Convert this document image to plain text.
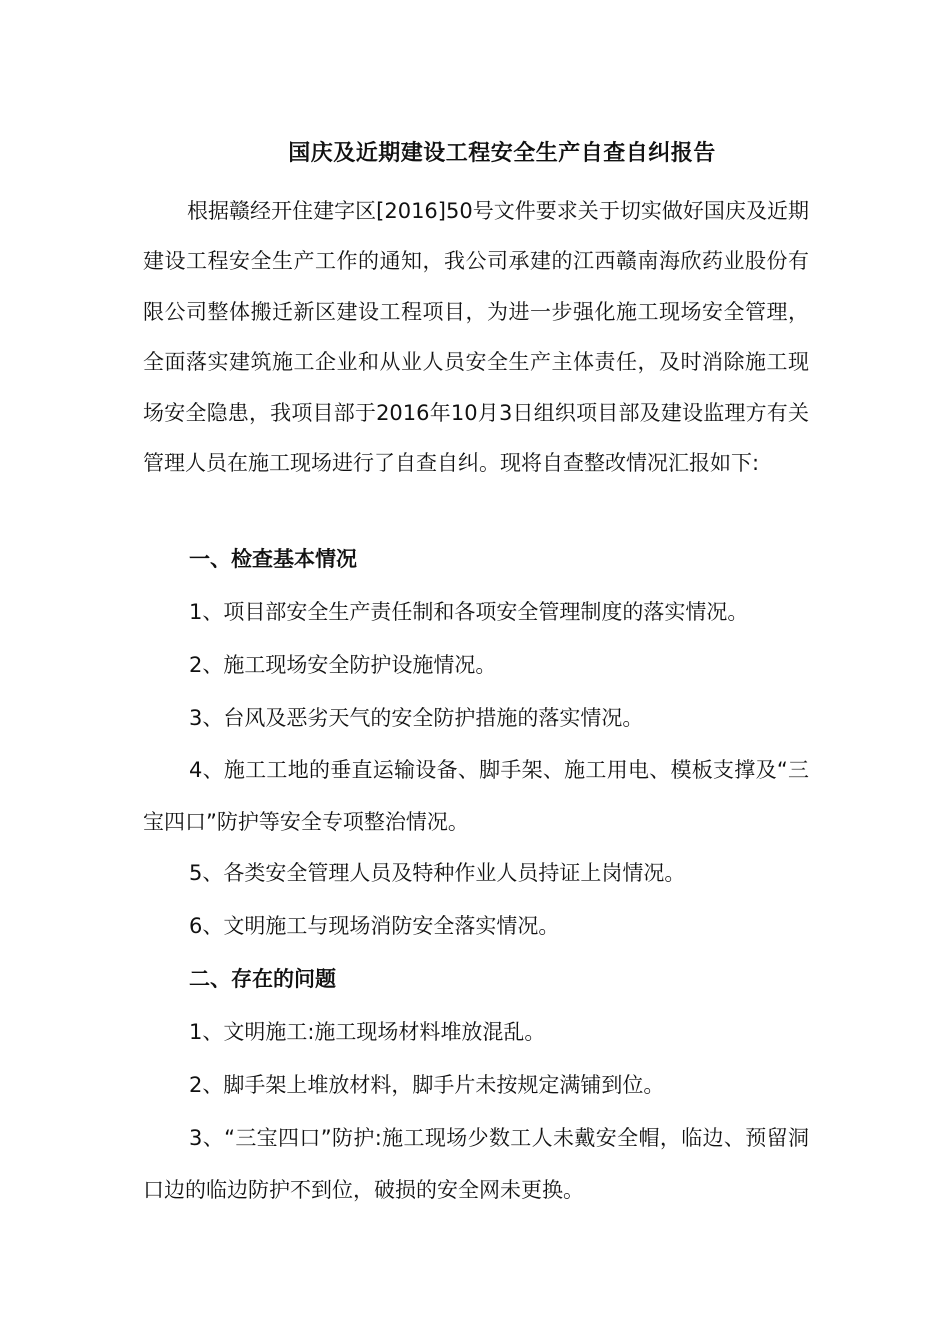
国庆及近期建设工程安全生产自查自纠报告

根据赣经开住建字区[2016]50号文件要求关于切实做好国庆及近期建设工程安全生产工作的通知，我公司承建的江西赣南海欣药业股份有限公司整体搬迁新区建设工程项目，为进一步强化施工现场安全管理，全面落实建筑施工企业和从业人员安全生产主体责任，及时消除施工现场安全隐患，我项目部于2016年10月3日组织项目部及建设监理方有关管理人员在施工现场进行了自查自纠。现将自查整改情况汇报如下:

一、检查基本情况

1、项目部安全生产责任制和各项安全管理制度的落实情况。

2、施工现场安全防护设施情况。

3、台风及恶劣天气的安全防护措施的落实情况。

4、施工工地的垂直运输设备、脚手架、施工用电、模板支撑及“三宝四口”防护等安全专项整治情况。

5、各类安全管理人员及特种作业人员持证上岗情况。

6、文明施工与现场消防安全落实情况。

二、存在的问题

1、文明施工:施工现场材料堆放混乱。

2、脚手架上堆放材料，脚手片未按规定满铺到位。

3、“三宝四口”防护:施工现场少数工人未戴安全帽，临边、预留洞口边的临边防护不到位，破损的安全网未更换。
